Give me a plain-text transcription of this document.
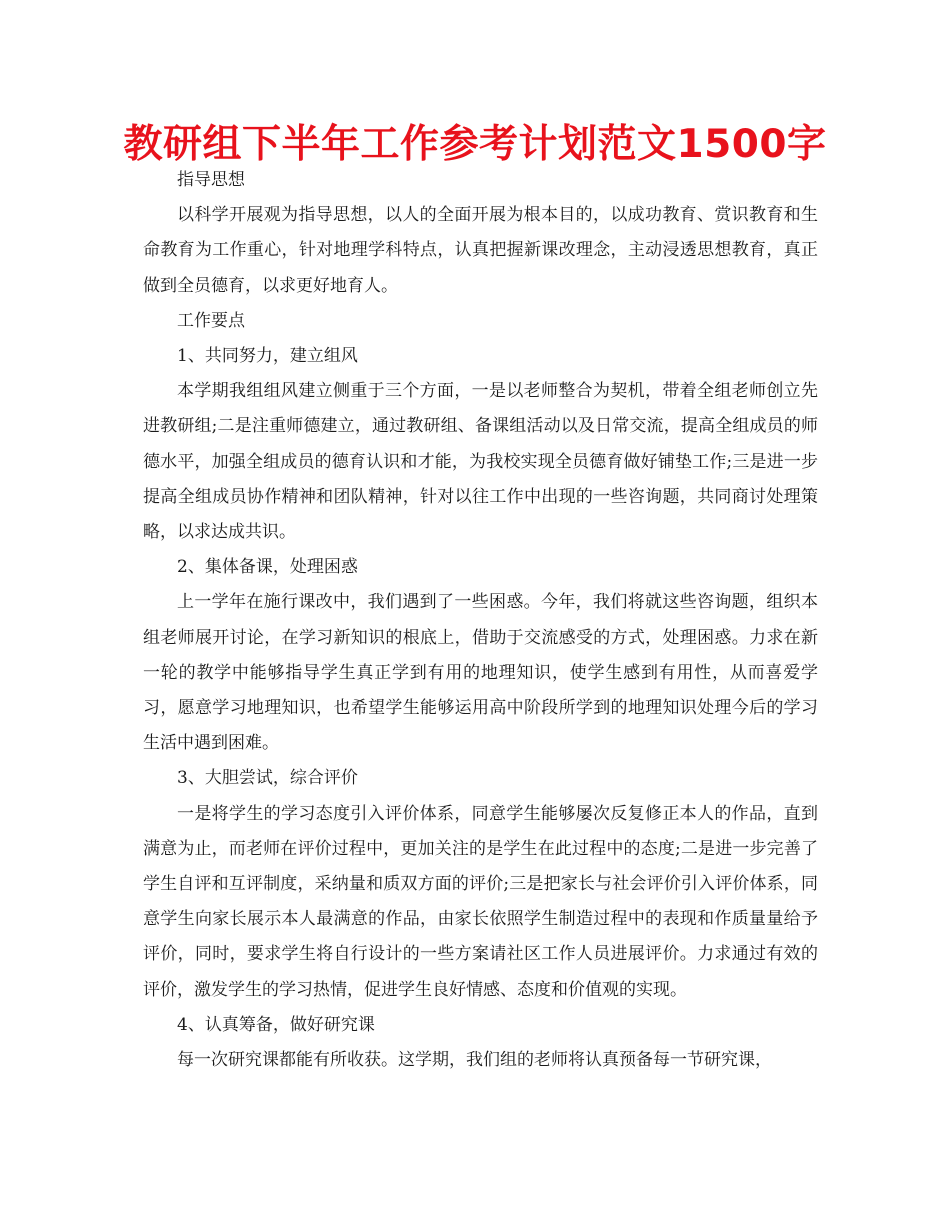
教研组下半年工作参考计划范文1500字

指导思想

以科学开展观为指导思想，以人的全面开展为根本目的，以成功教育、赏识教育和生命教育为工作重心，针对地理学科特点，认真把握新课改理念，主动浸透思想教育，真正做到全员德育，以求更好地育人。

工作要点

1、共同努力，建立组风

本学期我组组风建立侧重于三个方面，一是以老师整合为契机，带着全组老师创立先进教研组;二是注重师德建立，通过教研组、备课组活动以及日常交流，提高全组成员的师德水平，加强全组成员的德育认识和才能，为我校实现全员德育做好铺垫工作;三是进一步提高全组成员协作精神和团队精神，针对以往工作中出现的一些咨询题，共同商讨处理策略，以求达成共识。

2、集体备课，处理困惑

上一学年在施行课改中，我们遇到了一些困惑。今年，我们将就这些咨询题，组织本组老师展开讨论，在学习新知识的根底上，借助于交流感受的方式，处理困惑。力求在新一轮的教学中能够指导学生真正学到有用的地理知识，使学生感到有用性，从而喜爱学习，愿意学习地理知识，也希望学生能够运用高中阶段所学到的地理知识处理今后的学习生活中遇到困难。

3、大胆尝试，综合评价

一是将学生的学习态度引入评价体系，同意学生能够屡次反复修正本人的作品，直到满意为止，而老师在评价过程中，更加关注的是学生在此过程中的态度;二是进一步完善了学生自评和互评制度，采纳量和质双方面的评价;三是把家长与社会评价引入评价体系，同意学生向家长展示本人最满意的作品，由家长依照学生制造过程中的表现和作质量量给予评价，同时，要求学生将自行设计的一些方案请社区工作人员进展评价。力求通过有效的评价，激发学生的学习热情，促进学生良好情感、态度和价值观的实现。

4、认真筹备，做好研究课

每一次研究课都能有所收获。这学期，我们组的老师将认真预备每一节研究课，
